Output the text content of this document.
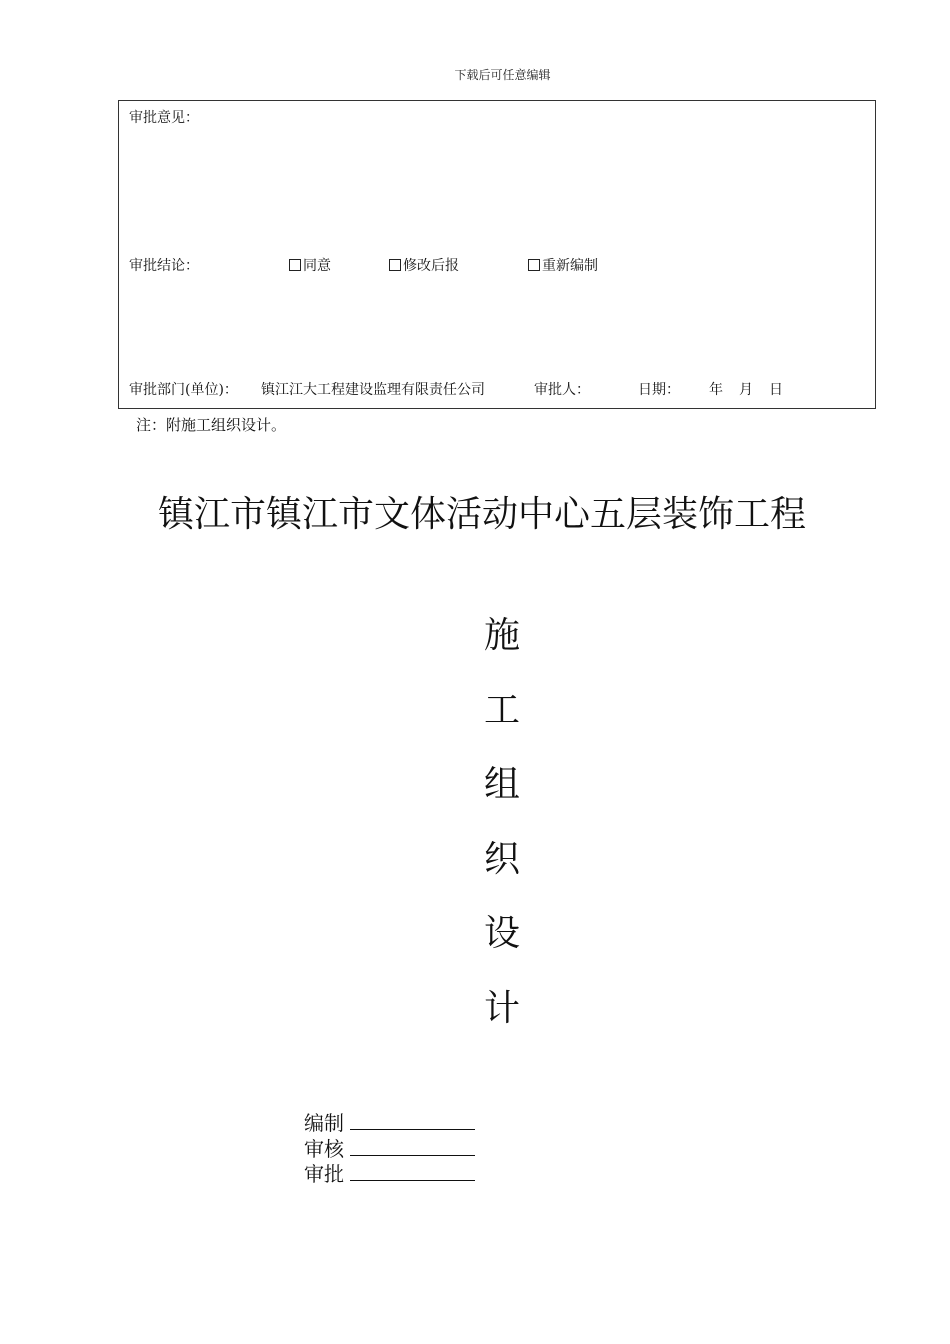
下载后可任意编辑
审批意见：
审批结论：	同意	修改后报	重新编制
审批部门(单位)： 镇江江大工程建设监理有限责任公司	审批人：	日期： 年 月 日
注：附施工组织设计。
镇江市镇江市文体活动中心五层装饰工程
施
工
组
织
设
计
编制
审核
审批
